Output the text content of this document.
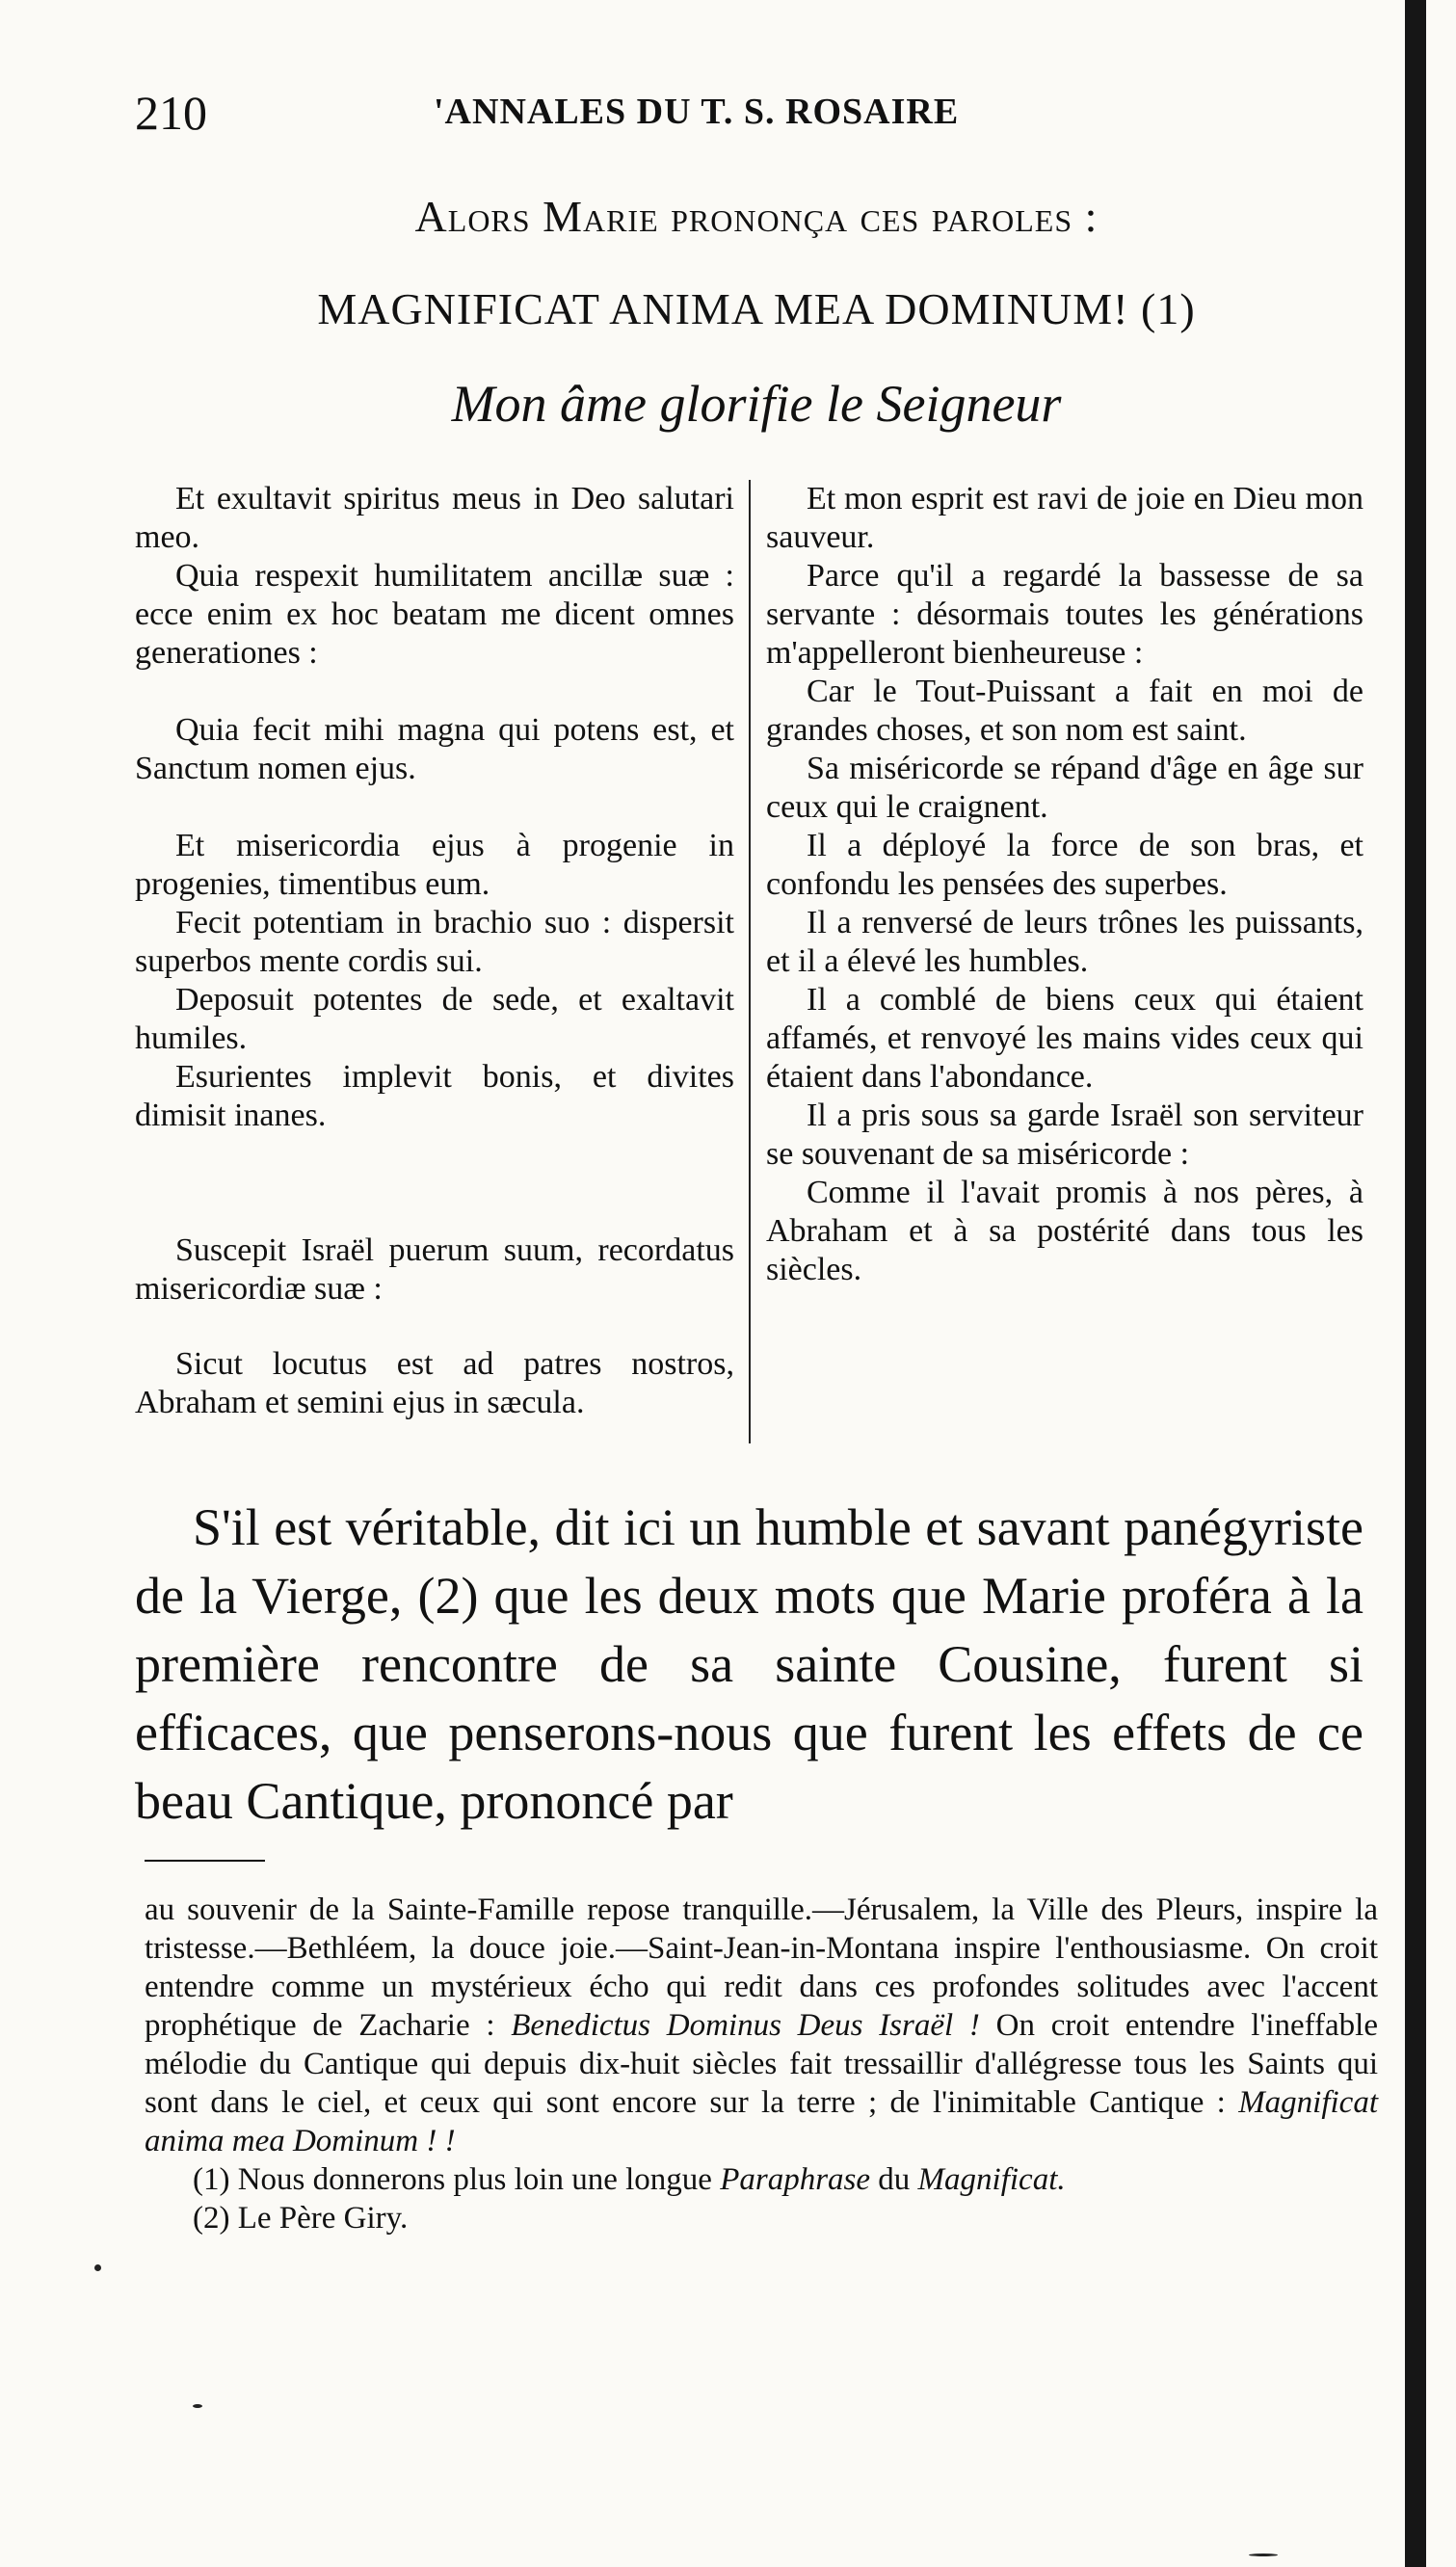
210	'ANNALES DU T. S. ROSAIRE
Alors Marie prononça ces paroles :
MAGNIFICAT ANIMA MEA DOMINUM! (1)
Mon âme glorifie le Seigneur

Et exultavit spiritus meus in Deo salutari meo.

Quia respexit humilitatem ancillæ suæ : ecce enim ex hoc beatam me dicent omnes generationes :

Quia fecit mihi magna qui potens est, et Sanctum nomen ejus.

Et misericordia ejus à progenie in progenies, timentibus eum.

Fecit potentiam in brachio suo : dispersit superbos mente cordis sui.

Deposuit potentes de sede, et exaltavit humiles.

Esurientes implevit bonis, et divites dimisit inanes.

Suscepit Israël puerum suum, recordatus misericordiæ suæ :

Sicut locutus est ad patres nostros, Abraham et semini ejus in sæcula.

Et mon esprit est ravi de joie en Dieu mon sauveur.

Parce qu'il a regardé la bassesse de sa servante : désormais toutes les générations m'appelleront bienheureuse :

Car le Tout-Puissant a fait en moi de grandes choses, et son nom est saint.

Sa miséricorde se répand d'âge en âge sur ceux qui le craignent.

Il a déployé la force de son bras, et confondu les pensées des superbes.

Il a renversé de leurs trônes les puissants, et il a élevé les humbles.

Il a comblé de biens ceux qui étaient affamés, et renvoyé les mains vides ceux qui étaient dans l'abondance.

Il a pris sous sa garde Israël son serviteur se souvenant de sa miséricorde :

Comme il l'avait promis à nos pères, à Abraham et à sa postérité dans tous les siècles.

S'il est véritable, dit ici un humble et savant panégyriste de la Vierge, (2) que les deux mots que Marie proféra à la première rencontre de sa sainte Cousine, furent si efficaces, que penserons-nous que furent les effets de ce beau Cantique, prononcé par

au souvenir de la Sainte-Famille repose tranquille.—Jérusalem, la Ville des Pleurs, inspire la tristesse.—Bethléem, la douce joie.—Saint-Jean-in-Montana inspire l'enthousiasme. On croit entendre comme un mystérieux écho qui redit dans ces profondes solitudes avec l'accent prophétique de Zacharie : Benedictus Dominus Deus Israël ! On croit entendre l'ineffable mélodie du Cantique qui depuis dix-huit siècles fait tressaillir d'allégresse tous les Saints qui sont dans le ciel, et ceux qui sont encore sur la terre ; de l'inimitable Cantique : Magnificat anima mea Dominum ! !

(1) Nous donnerons plus loin une longue Paraphrase du Magnificat.

(2) Le Père Giry.
